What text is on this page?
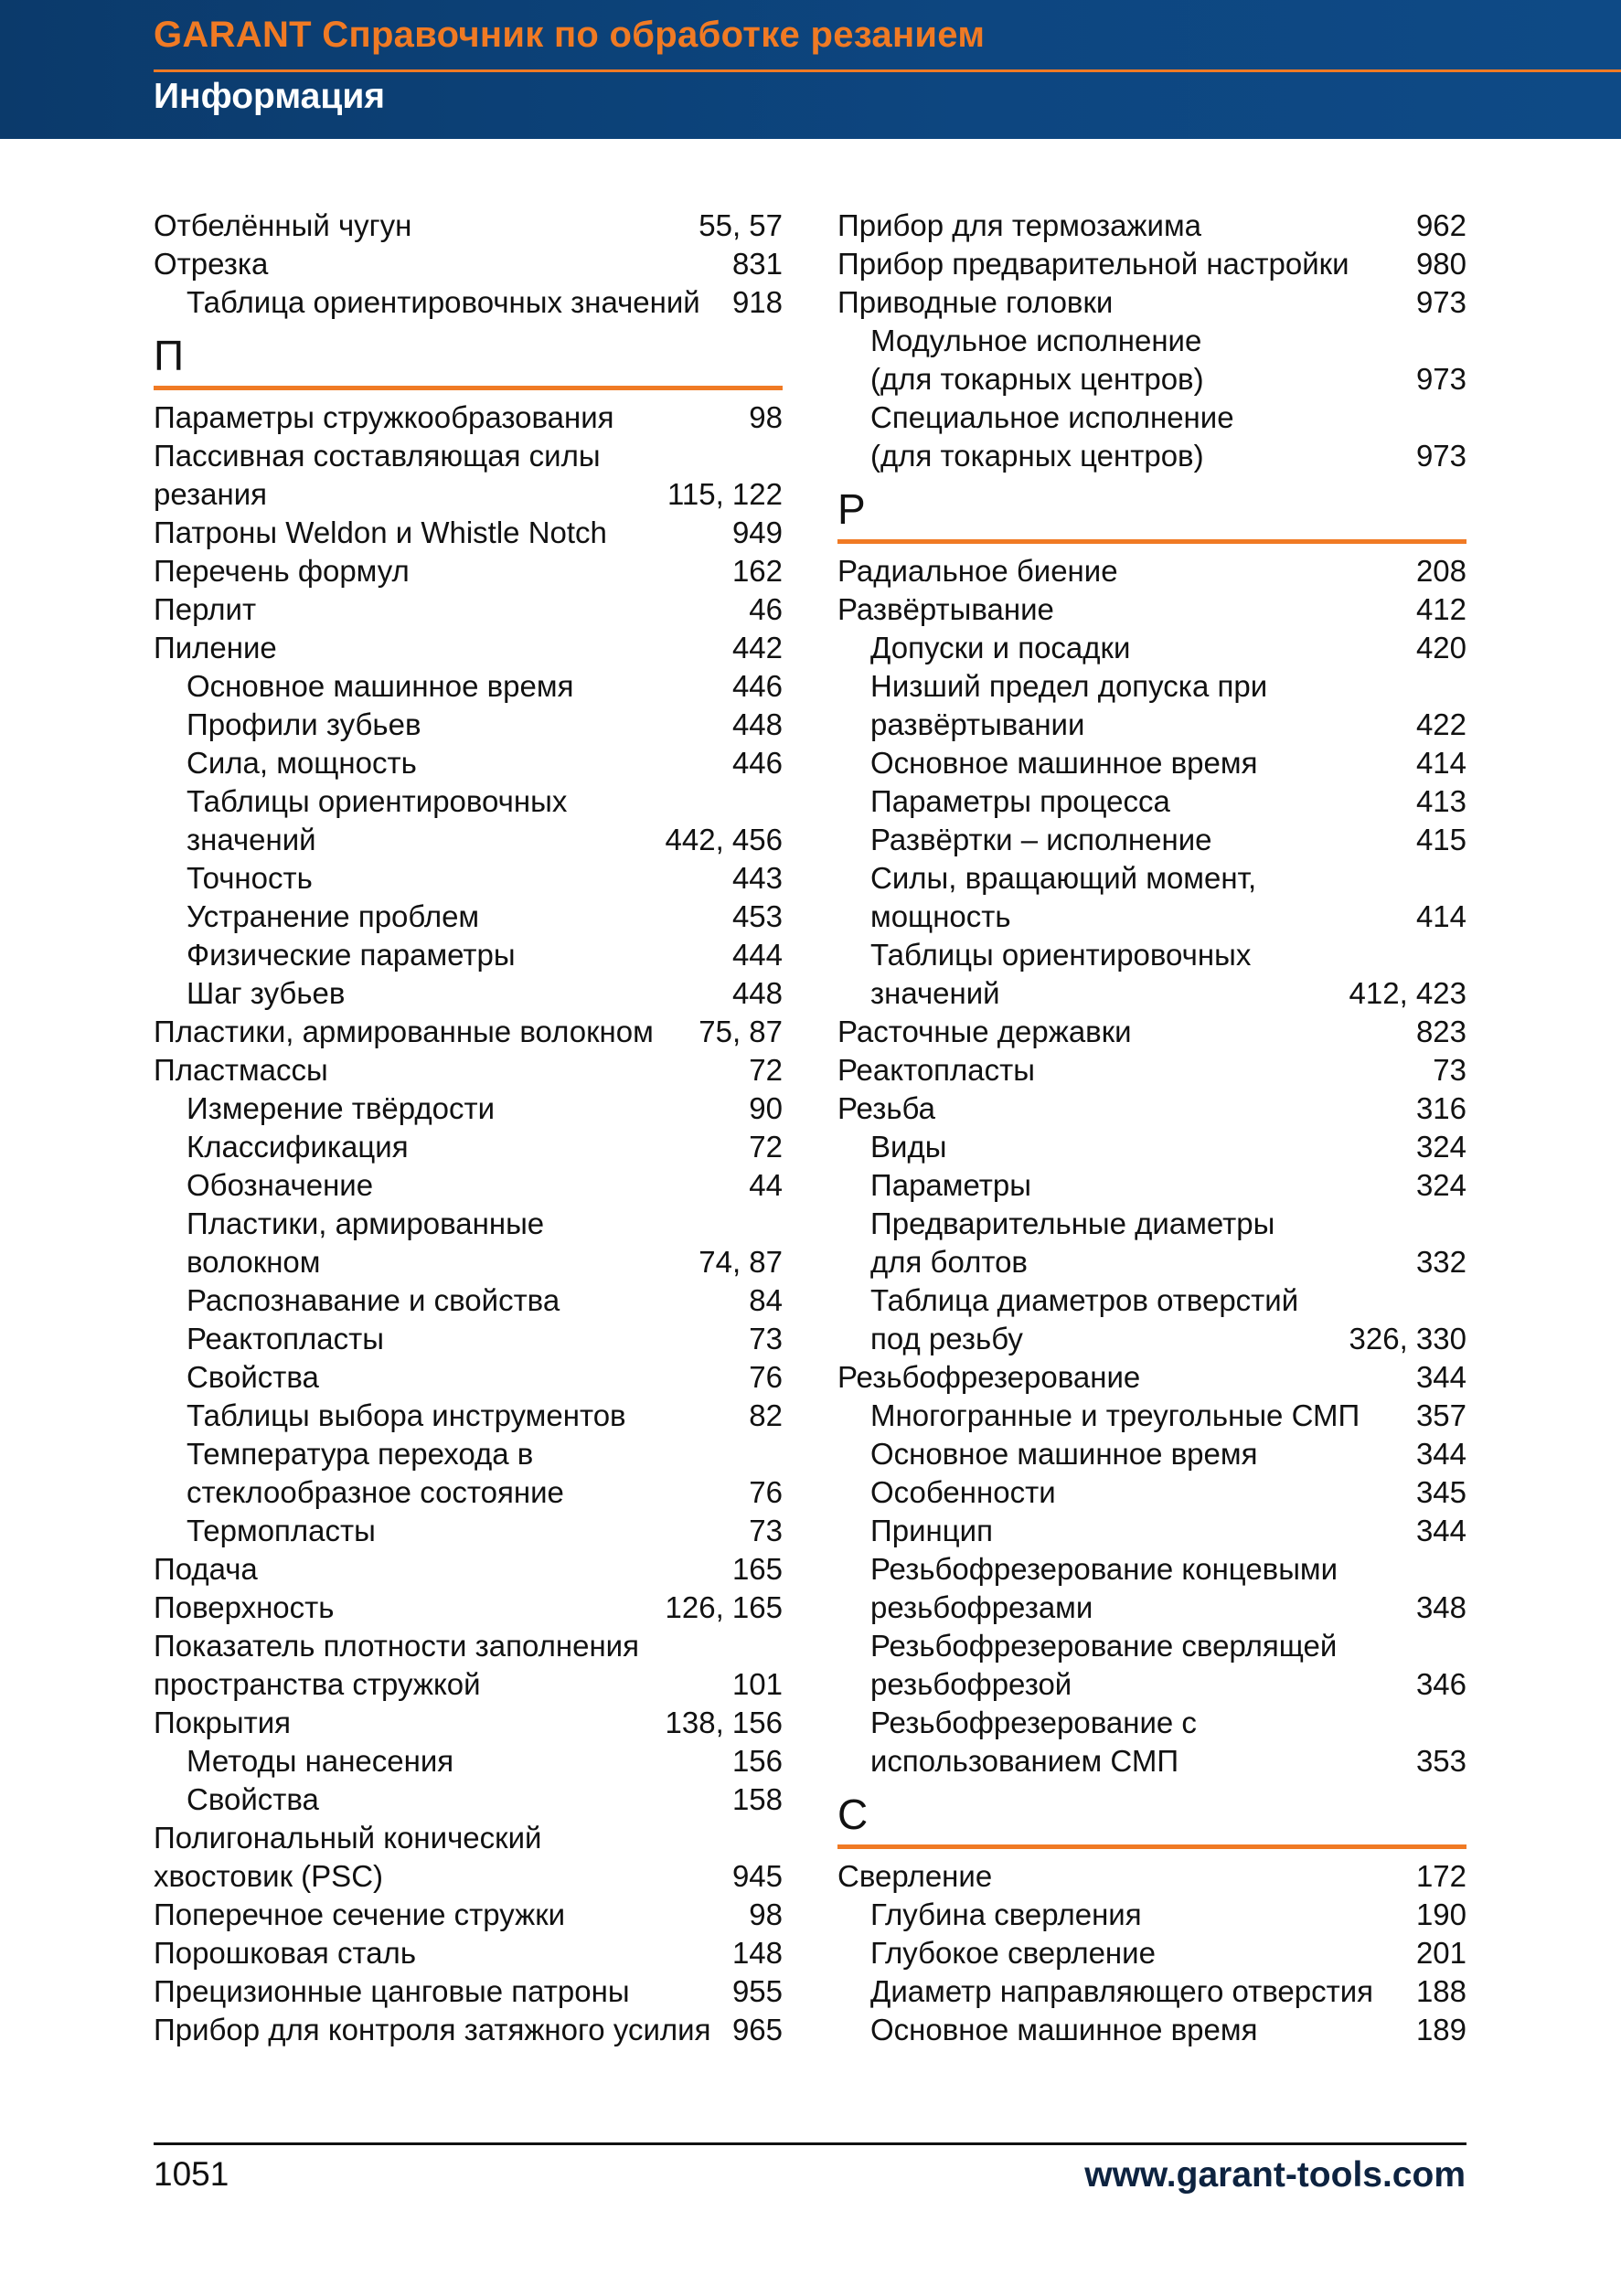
GARANT Справочник по обработке резанием
Информация
Отбелённый чугун	55, 57
Отрезка	831
Таблица ориентировочных значений 918
П
Параметры стружкообразования	98
Пассивная составляющая силы
резания	115, 122
Патроны Weldon и Whistle Notch	949
Перечень формул	162
Перлит	46
Пиление	442
Основное машинное время	446
Профили зубьев	448
Сила, мощность	446
Таблицы ориентировочных
значений	442, 456
Точность	443
Устранение проблем	453
Физические параметры	444
Шаг зубьев	448
Пластики, армированные волокном 75, 87
Пластмассы	72
Измерение твёрдости	90
Классификация	72
Обозначение	44
Пластики, армированные
волокном	74, 87
Распознавание и свойства	84
Реактопласты	73
Свойства	76
Таблицы выбора инструментов	82
Температура перехода в
стеклообразное состояние	76
Термопласты	73
Подача	165
Поверхность	126, 165
Показатель плотности заполнения
пространства стружкой	101
Покрытия	138, 156
Методы нанесения	156
Свойства	158
Полигональный конический
хвостовик (PSC)	945
Поперечное сечение стружки	98
Порошковая сталь	148
Прецизионные цанговые патроны	955
Прибор для контроля затяжного усилия 965
Прибор для термозажима	962
Прибор предварительной настройки 980
Приводные головки	973
Модульное исполнение
(для токарных центров)	973
Специальное исполнение
(для токарных центров)	973
Р
Радиальное биение	208
Развёртывание	412
Допуски и посадки	420
Низший предел допуска при
развёртывании	422
Основное машинное время	414
Параметры процесса	413
Развёртки – исполнение	415
Силы, вращающий момент,
мощность	414
Таблицы ориентировочных
значений	412, 423
Расточные державки	823
Реактопласты	73
Резьба	316
Виды	324
Параметры	324
Предварительные диаметры
для болтов	332
Таблица диаметров отверстий
под резьбу	326, 330
Резьбофрезерование	344
Многогранные и треугольные СМП 357
Основное машинное время	344
Особенности	345
Принцип	344
Резьбофрезерование концевыми
резьбофрезами	348
Резьбофрезерование сверлящей
резьбофрезой	346
Резьбофрезерование с
использованием СМП	353
С
Сверление	172
Глубина сверления	190
Глубокое сверление	201
Диаметр направляющего отверстия 188
Основное машинное время	189
1051	www.garant-tools.com
